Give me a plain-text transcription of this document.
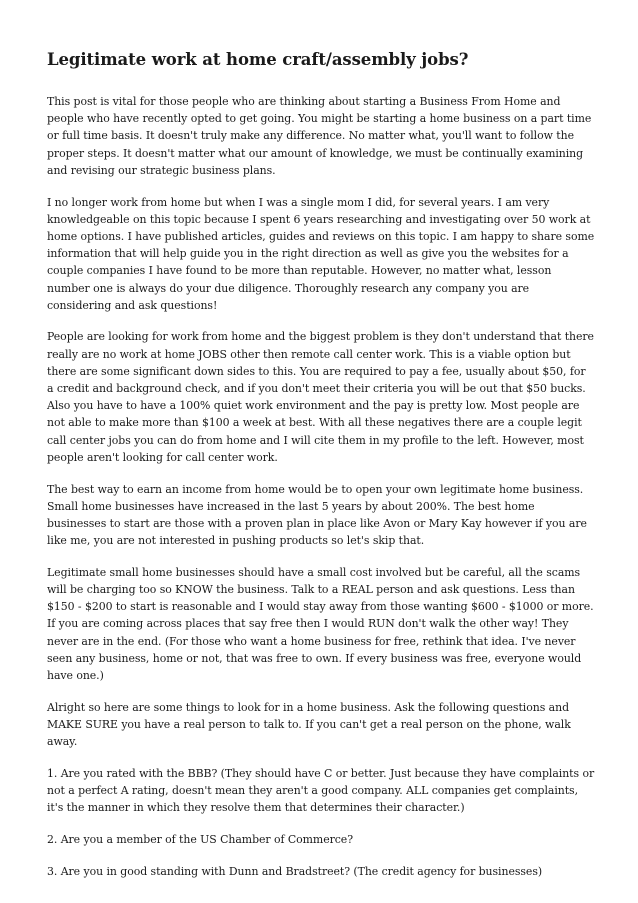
Legitimate work at home craft/assembly jobs?

This post is vital for those people who are thinking about starting a Business From Home and people who have recently opted to get going. You might be starting a home business on a part time or full time basis. It doesn't truly make any difference. No matter what, you'll want to follow the proper steps. It doesn't matter what our amount of knowledge, we must be continually examining and revising our strategic business plans.

I no longer work from home but when I was a single mom I did, for several years. I am very knowledgeable on this topic because I spent 6 years researching and investigating over 50 work at home options. I have published articles, guides and reviews on this topic. I am happy to share some information that will help guide you in the right direction as well as give you the websites for a couple companies I have found to be more than reputable. However, no matter what, lesson number one is always do your due diligence. Thoroughly research any company you are considering and ask questions!

People are looking for work from home and the biggest problem is they don't understand that there really are no work at home JOBS other then remote call center work. This is a viable option but there are some significant down sides to this. You are required to pay a fee, usually about $50, for a credit and background check, and if you don't meet their criteria you will be out that $50 bucks. Also you have to have a 100% quiet work environment and the pay is pretty low. Most people are not able to make more than $100 a week at best. With all these negatives there are a couple legit call center jobs you can do from home and I will cite them in my profile to the left. However, most people aren't looking for call center work.

The best way to earn an income from home would be to open your own legitimate home business. Small home businesses have increased in the last 5 years by about 200%. The best home businesses to start are those with a proven plan in place like Avon or Mary Kay however if you are like me, you are not interested in pushing products so let's skip that.

Legitimate small home businesses should have a small cost involved but be careful, all the scams will be charging too so KNOW the business. Talk to a REAL person and ask questions. Less than $150 - $200 to start is reasonable and I would stay away from those wanting $600 - $1000 or more. If you are coming across places that say free then I would RUN don't walk the other way! They never are in the end. (For those who want a home business for free, rethink that idea. I've never seen any business, home or not, that was free to own. If every business was free, everyone would have one.)

Alright so here are some things to look for in a home business. Ask the following questions and MAKE SURE you have a real person to talk to. If you can't get a real person on the phone, walk away.

1. Are you rated with the BBB? (They should have C or better. Just because they have complaints or not a perfect A rating, doesn't mean they aren't a good company. ALL companies get complaints, it's the manner in which they resolve them that determines their character.)

2. Are you a member of the US Chamber of Commerce?

3. Are you in good standing with Dunn and Bradstreet? (The credit agency for businesses)
